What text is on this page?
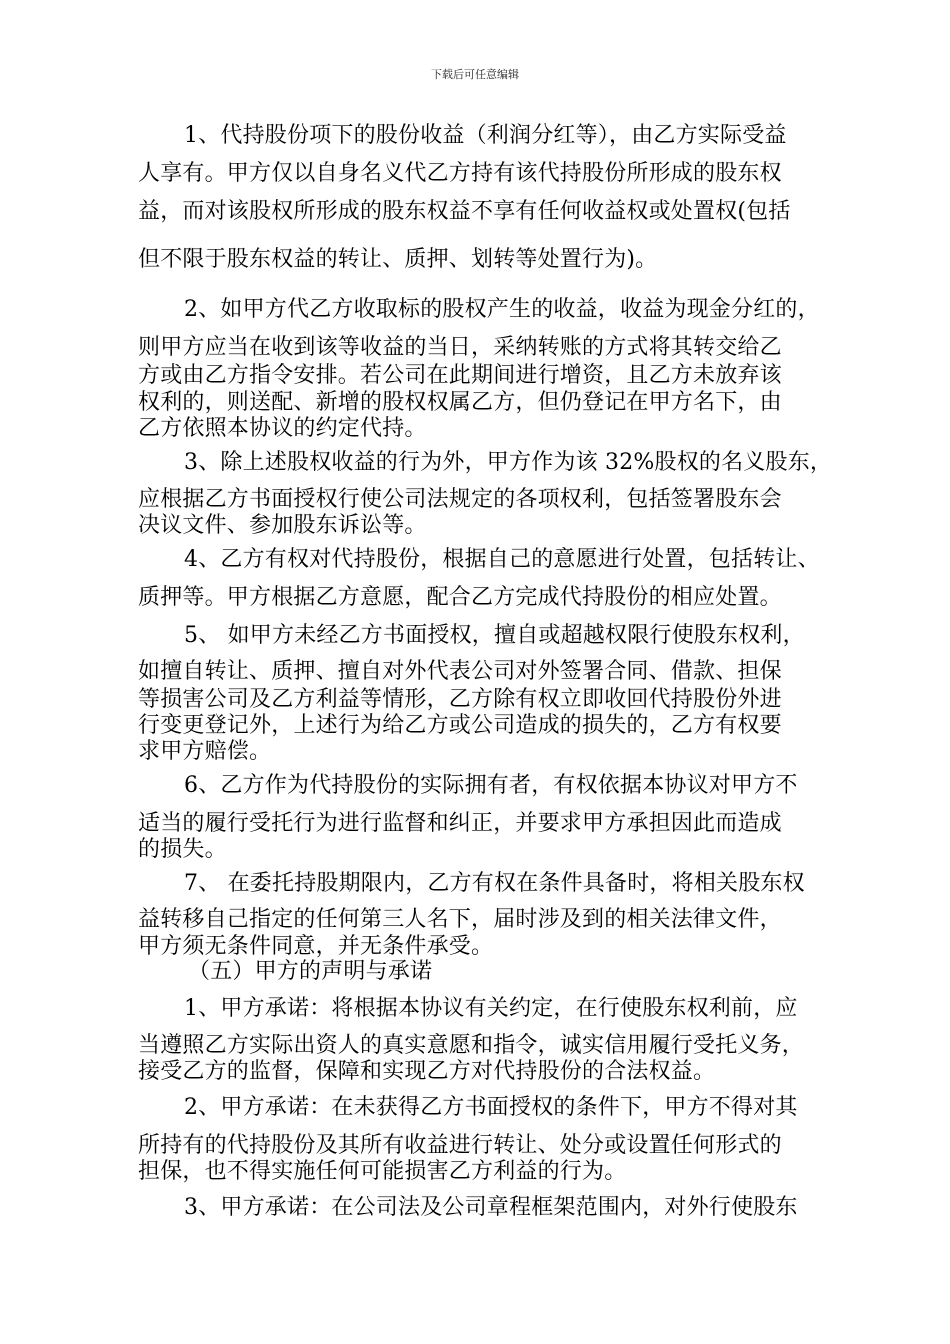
下载后可任意编辑
1、代持股份项下的股份收益（利润分红等），由乙方实际受益
人享有。甲方仅以自身名义代乙方持有该代持股份所形成的股东权
益，而对该股权所形成的股东权益不享有任何收益权或处置权(包括
但不限于股东权益的转让、质押、划转等处置行为)。
2、如甲方代乙方收取标的股权产生的收益，收益为现金分红的，
则甲方应当在收到该等收益的当日，采纳转账的方式将其转交给乙
方或由乙方指令安排。若公司在此期间进行增资，且乙方未放弃该
权利的，则送配、新增的股权权属乙方，但仍登记在甲方名下，由
乙方依照本协议的约定代持。
3、除上述股权收益的行为外，甲方作为该 32%股权的名义股东，
应根据乙方书面授权行使公司法规定的各项权利，包括签署股东会
决议文件、参加股东诉讼等。
4、乙方有权对代持股份，根据自己的意愿进行处置，包括转让、
质押等。甲方根据乙方意愿，配合乙方完成代持股份的相应处置。
5、 如甲方未经乙方书面授权，擅自或超越权限行使股东权利，
如擅自转让、质押、擅自对外代表公司对外签署合同、借款、担保
等损害公司及乙方利益等情形，乙方除有权立即收回代持股份外进
行变更登记外，上述行为给乙方或公司造成的损失的，乙方有权要
求甲方赔偿。
6、乙方作为代持股份的实际拥有者，有权依据本协议对甲方不
适当的履行受托行为进行监督和纠正，并要求甲方承担因此而造成
的损失。
7、 在委托持股期限内，乙方有权在条件具备时，将相关股东权
益转移自己指定的任何第三人名下，届时涉及到的相关法律文件，
甲方须无条件同意，并无条件承受。
（五）甲方的声明与承诺
1、甲方承诺：将根据本协议有关约定，在行使股东权利前，应
当遵照乙方实际出资人的真实意愿和指令，诚实信用履行受托义务，
接受乙方的监督，保障和实现乙方对代持股份的合法权益。
2、甲方承诺：在未获得乙方书面授权的条件下，甲方不得对其
所持有的代持股份及其所有收益进行转让、处分或设置任何形式的
担保，也不得实施任何可能损害乙方利益的行为。
3、甲方承诺：在公司法及公司章程框架范围内，对外行使股东
